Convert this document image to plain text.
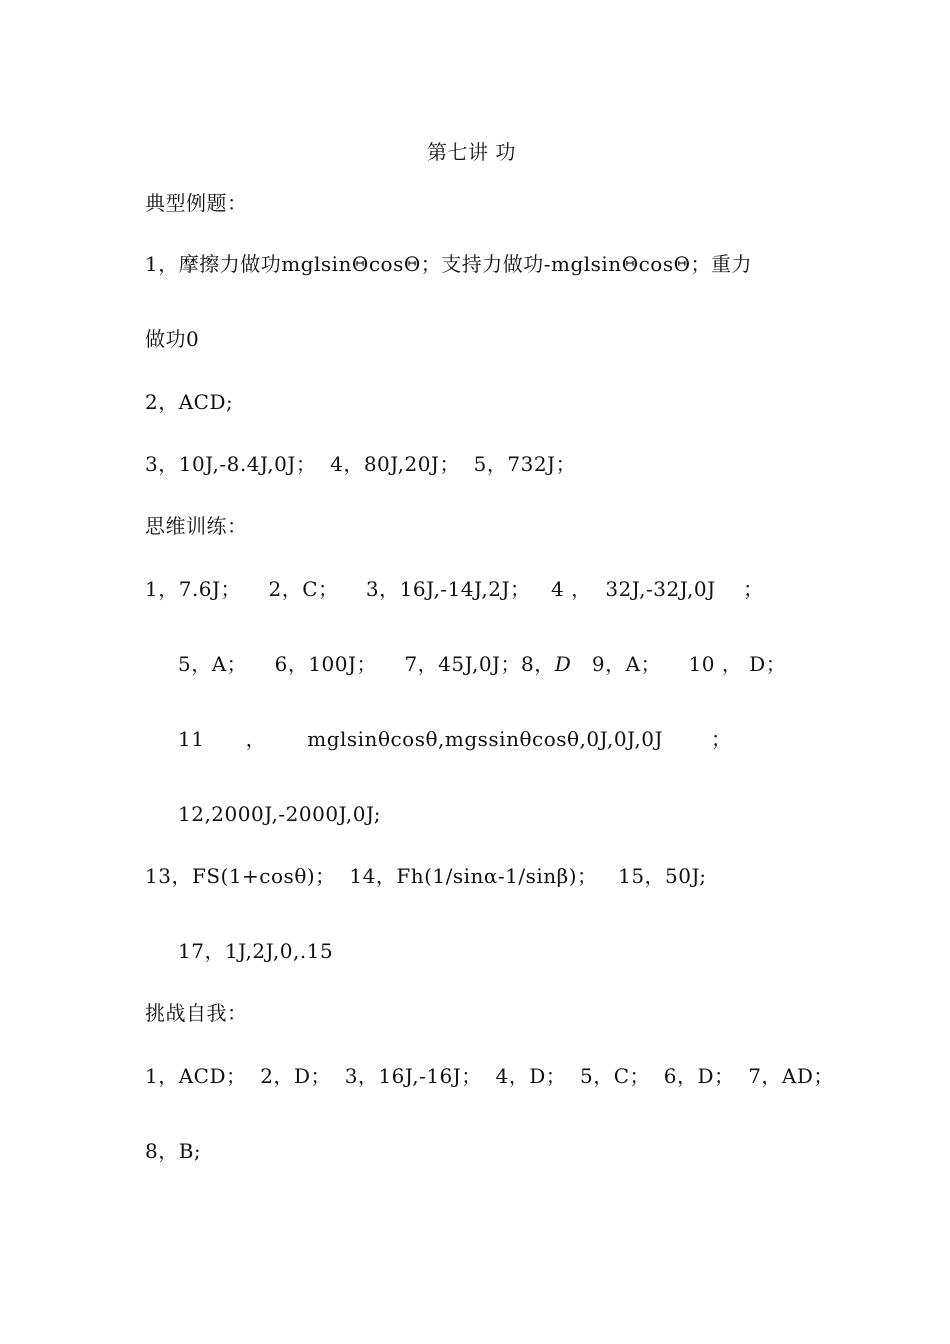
第七讲 功
典型例题：
1，摩擦力做功mglsinΘcosΘ；支持力做功-mglsinΘcosΘ；重力
做功0
2，ACD;
3，10J,-8.4J,0J；  4，80J,20J；  5，732J；
思维训练：
1，7.6J；    2，C；    3，16J,-14J,2J；   4 ，  32J,-32J,0J    ；
5，A；    6，100J；    7，45J,0J；8，D   9，A；    10 ， D；
11      ，      mglsinθcosθ,mgssinθcosθ,0J,0J,0J       ；
12,2000J,-2000J,0J;
13，FS(1+cosθ)；  14，Fh(1/sinα-1/sinβ)；   15，50J;
17，1J,2J,0,.15
挑战自我：
1，ACD；  2，D；  3，16J,-16J；  4，D；  5，C；  6，D；  7，AD；
8，B;
